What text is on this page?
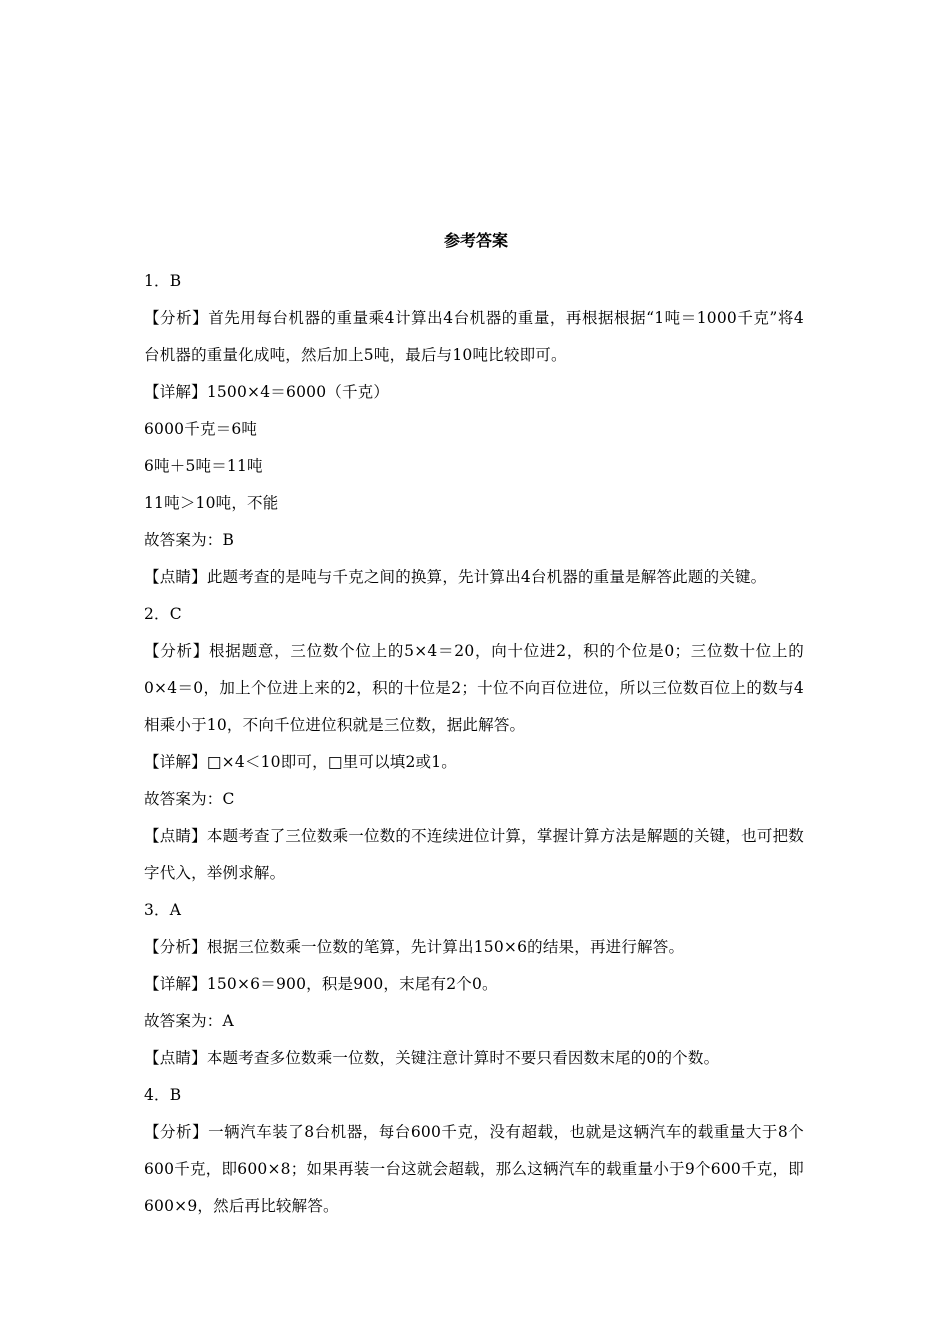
参考答案
1．B
【分析】首先用每台机器的重量乘4计算出4台机器的重量，再根据根据“1吨＝1000千克”将4台机器的重量化成吨，然后加上5吨，最后与10吨比较即可。
【详解】1500×4＝6000（千克）
6000千克＝6吨
6吨＋5吨＝11吨
11吨＞10吨，不能
故答案为：B
【点睛】此题考查的是吨与千克之间的换算，先计算出4台机器的重量是解答此题的关键。
2．C
【分析】根据题意，三位数个位上的5×4＝20，向十位进2，积的个位是0；三位数十位上的0×4＝0，加上个位进上来的2，积的十位是2；十位不向百位进位，所以三位数百位上的数与4相乘小于10，不向千位进位积就是三位数，据此解答。
【详解】□×4＜10即可，□里可以填2或1。
故答案为：C
【点睛】本题考查了三位数乘一位数的不连续进位计算，掌握计算方法是解题的关键，也可把数字代入，举例求解。
3．A
【分析】根据三位数乘一位数的笔算，先计算出150×6的结果，再进行解答。
【详解】150×6＝900，积是900，末尾有2个0。
故答案为：A
【点睛】本题考查多位数乘一位数，关键注意计算时不要只看因数末尾的0的个数。
4．B
【分析】一辆汽车装了8台机器，每台600千克，没有超载，也就是这辆汽车的载重量大于8个600千克，即600×8；如果再装一台这就会超载，那么这辆汽车的载重量小于9个600千克，即600×9，然后再比较解答。
